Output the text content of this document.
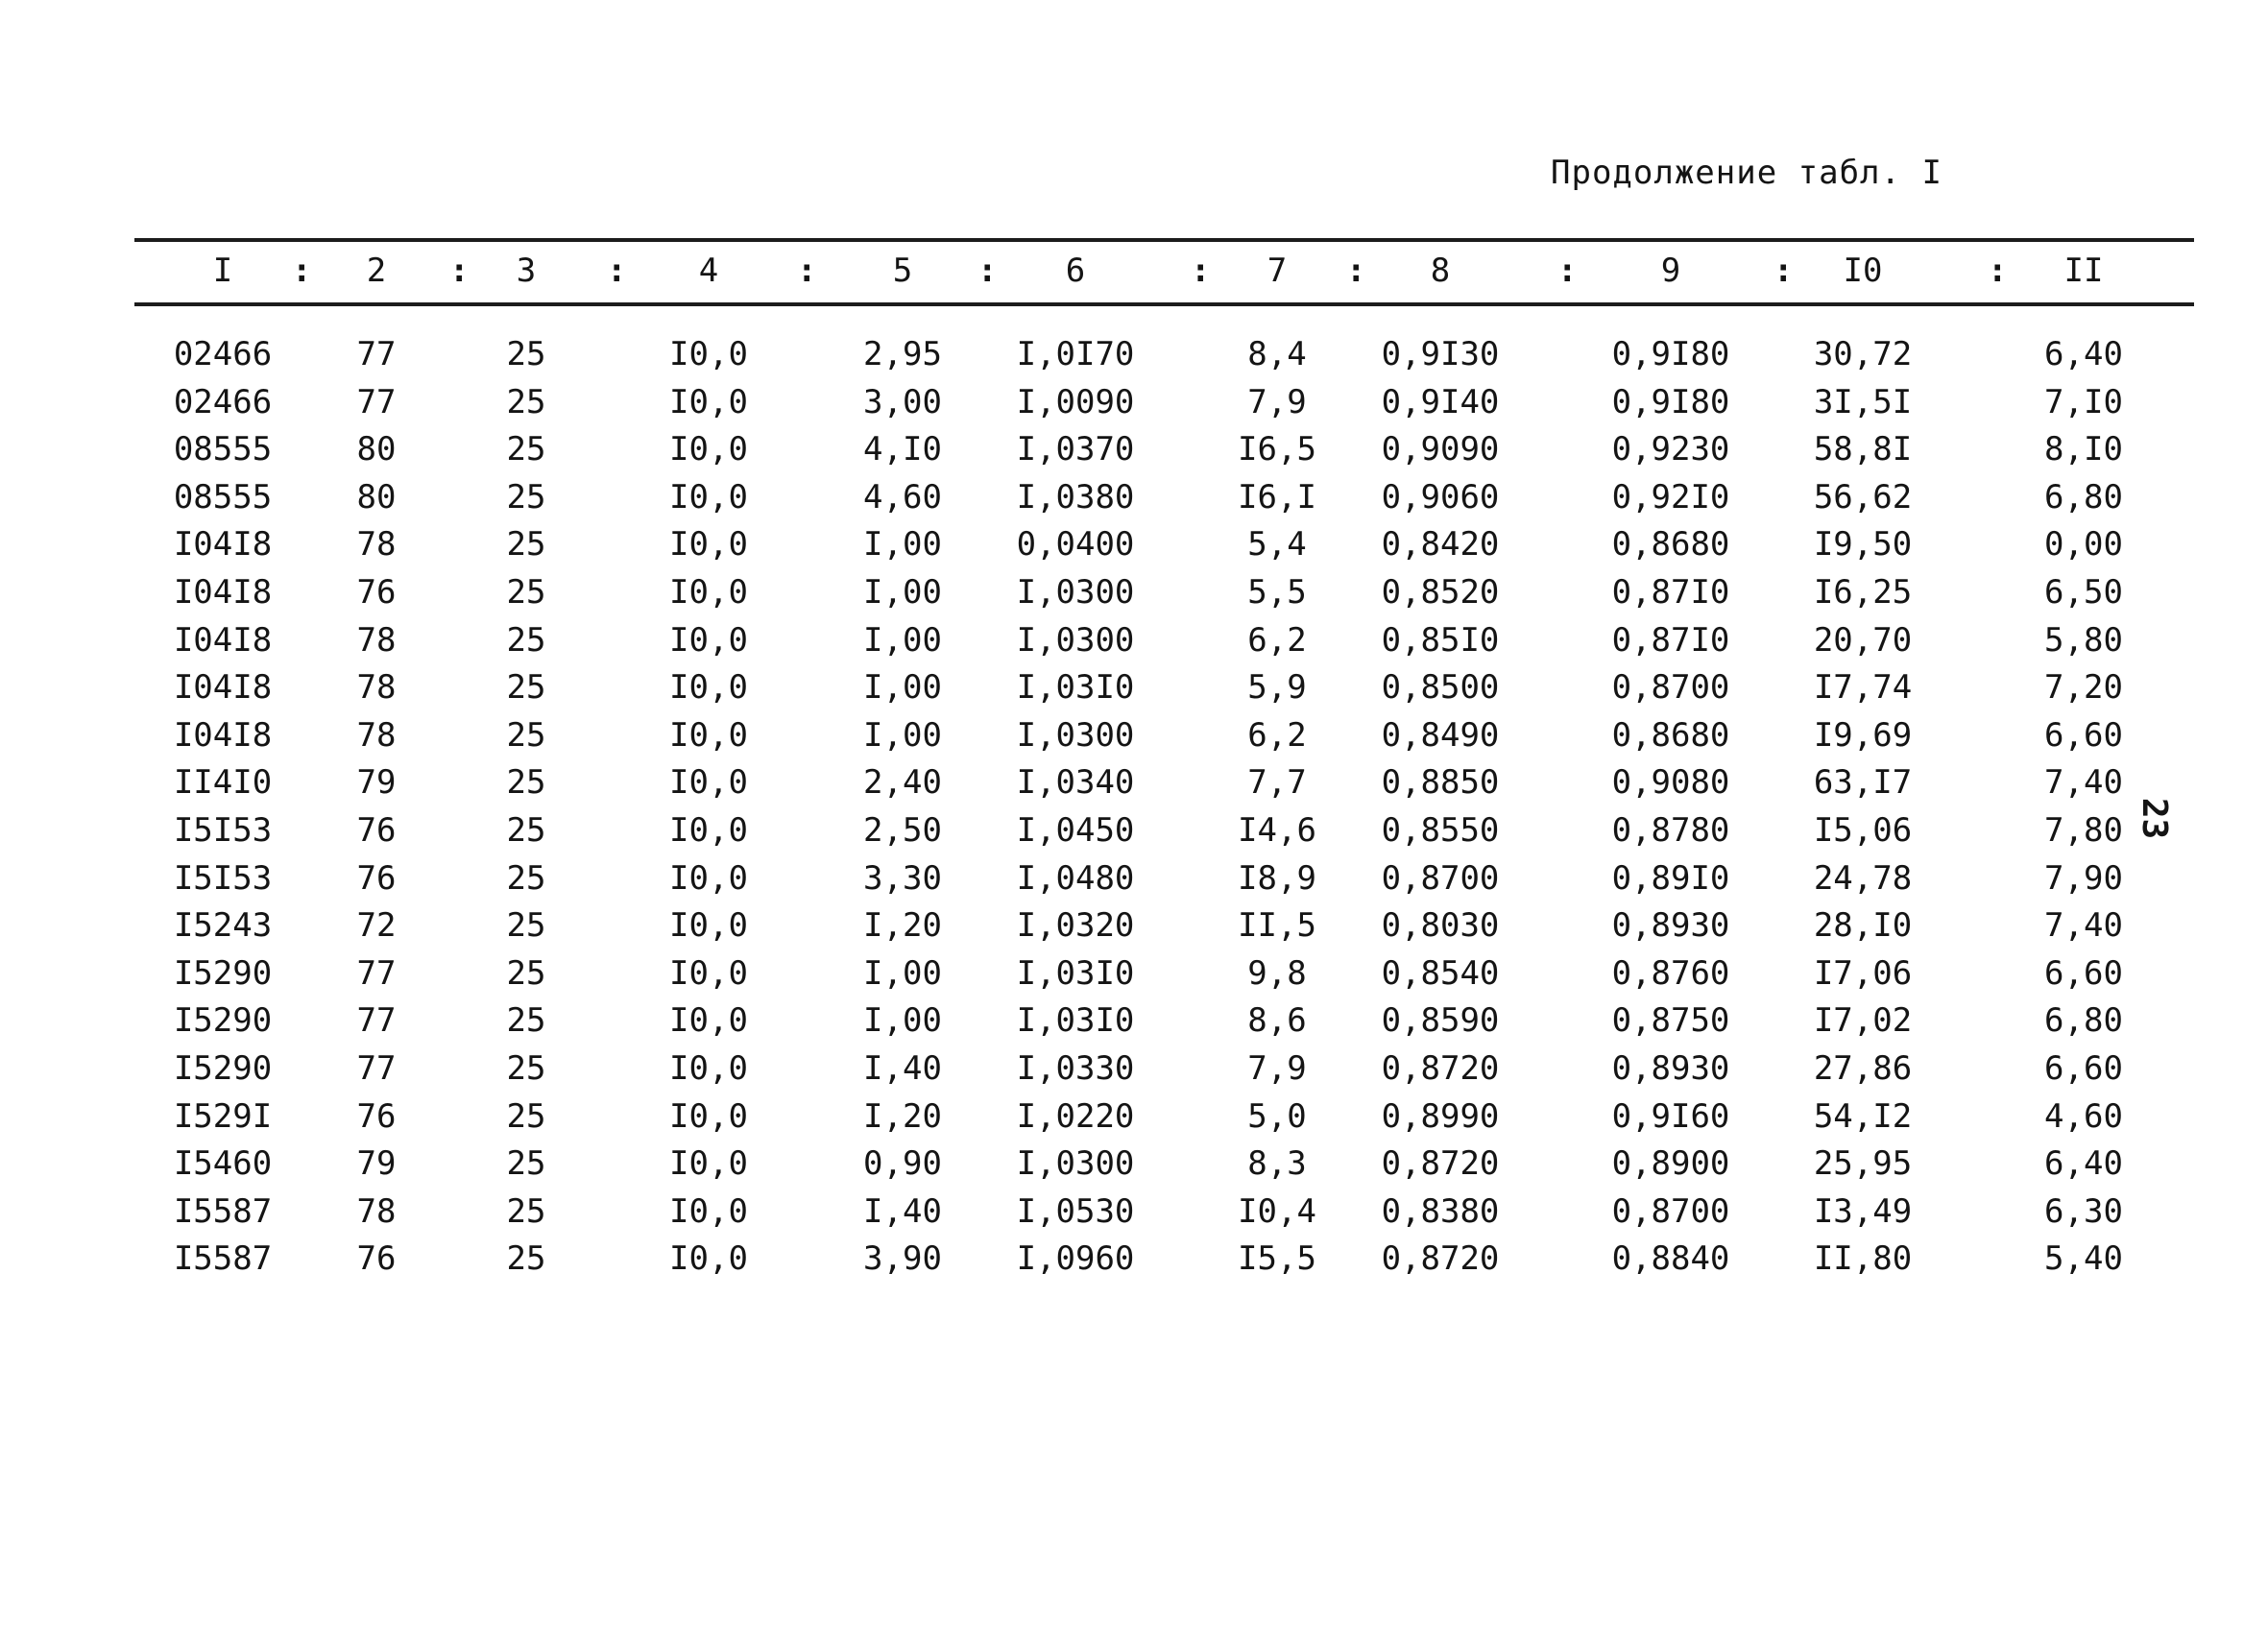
Продолжение табл. I
I	2	3	4	5	6	7	8	9	I0	II
:	:	:	:	:	:	:	:	:	:
02466	77	25	I0,0	2,95	I,0I70	8,4	0,9I30	0,9I80	30,72	6,40
02466	77	25	I0,0	3,00	I,0090	7,9	0,9I40	0,9I80	3I,5I	7,I0
08555	80	25	I0,0	4,I0	I,0370	I6,5	0,9090	0,9230	58,8I	8,I0
08555	80	25	I0,0	4,60	I,0380	I6,I	0,9060	0,92I0	56,62	6,80
I04I8	78	25	I0,0	I,00	0,0400	5,4	0,8420	0,8680	I9,50	0,00
I04I8	76	25	I0,0	I,00	I,0300	5,5	0,8520	0,87I0	I6,25	6,50
I04I8	78	25	I0,0	I,00	I,0300	6,2	0,85I0	0,87I0	20,70	5,80
I04I8	78	25	I0,0	I,00	I,03I0	5,9	0,8500	0,8700	I7,74	7,20
I04I8	78	25	I0,0	I,00	I,0300	6,2	0,8490	0,8680	I9,69	6,60
II4I0	79	25	I0,0	2,40	I,0340	7,7	0,8850	0,9080	63,I7	7,40
I5I53	76	25	I0,0	2,50	I,0450	I4,6	0,8550	0,8780	I5,06	7,80
I5I53	76	25	I0,0	3,30	I,0480	I8,9	0,8700	0,89I0	24,78	7,90
I5243	72	25	I0,0	I,20	I,0320	II,5	0,8030	0,8930	28,I0	7,40
I5290	77	25	I0,0	I,00	I,03I0	9,8	0,8540	0,8760	I7,06	6,60
I5290	77	25	I0,0	I,00	I,03I0	8,6	0,8590	0,8750	I7,02	6,80
I5290	77	25	I0,0	I,40	I,0330	7,9	0,8720	0,8930	27,86	6,60
I529I	76	25	I0,0	I,20	I,0220	5,0	0,8990	0,9I60	54,I2	4,60
I5460	79	25	I0,0	0,90	I,0300	8,3	0,8720	0,8900	25,95	6,40
I5587	78	25	I0,0	I,40	I,0530	I0,4	0,8380	0,8700	I3,49	6,30
I5587	76	25	I0,0	3,90	I,0960	I5,5	0,8720	0,8840	II,80	5,40
23
